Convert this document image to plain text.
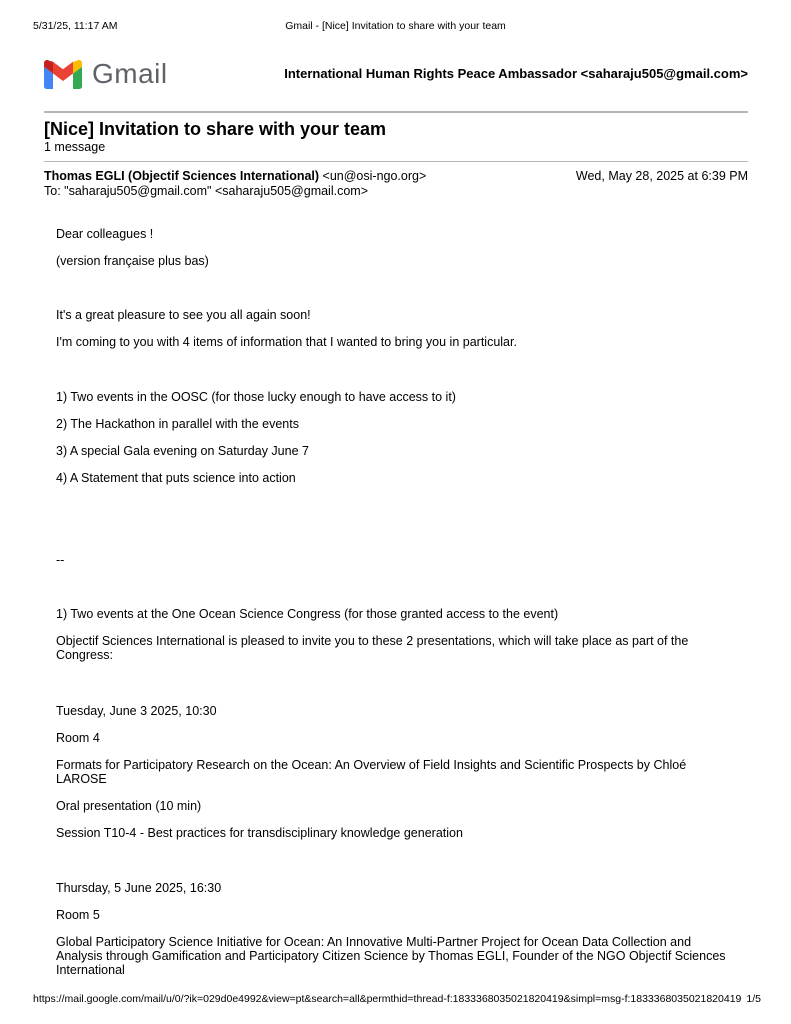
5/31/25, 11:17 AM	Gmail - [Nice] Invitation to share with your team
Gmail	International Human Rights Peace Ambassador <saharaju505@gmail.com>
[Nice] Invitation to share with your team
1 message
Thomas EGLI (Objectif Sciences International) <un@osi-ngo.org>	Wed, May 28, 2025 at 6:39 PM
To: "saharaju505@gmail.com" <saharaju505@gmail.com>

Dear colleagues !

(version française plus bas)

It's a great pleasure to see you all again soon!

I'm coming to you with 4 items of information that I wanted to bring you in particular.

1) Two events in the OOSC (for those lucky enough to have access to it)

2) The Hackathon in parallel with the events

3) A special Gala evening on Saturday June 7

4) A Statement that puts science into action

--

1) Two events at the One Ocean Science Congress (for those granted access to the event)

Objectif Sciences International is pleased to invite you to these 2 presentations, which will take place as part of the Congress:

Tuesday, June 3 2025, 10:30

Room 4

Formats for Participatory Research on the Ocean: An Overview of Field Insights and Scientific Prospects by Chloé LAROSE

Oral presentation (10 min)

Session T10-4 - Best practices for transdisciplinary knowledge generation

Thursday, 5 June 2025, 16:30

Room 5

Global Participatory Science Initiative for Ocean: An Innovative Multi-Partner Project for Ocean Data Collection and Analysis through Gamification and Participatory Citizen Science by Thomas EGLI, Founder of the NGO Objectif Sciences International

https://mail.google.com/mail/u/0/?ik=029d0e4992&view=pt&search=all&permthid=thread-f:1833368035021820419&simpl=msg-f:1833368035021820419 1/5
